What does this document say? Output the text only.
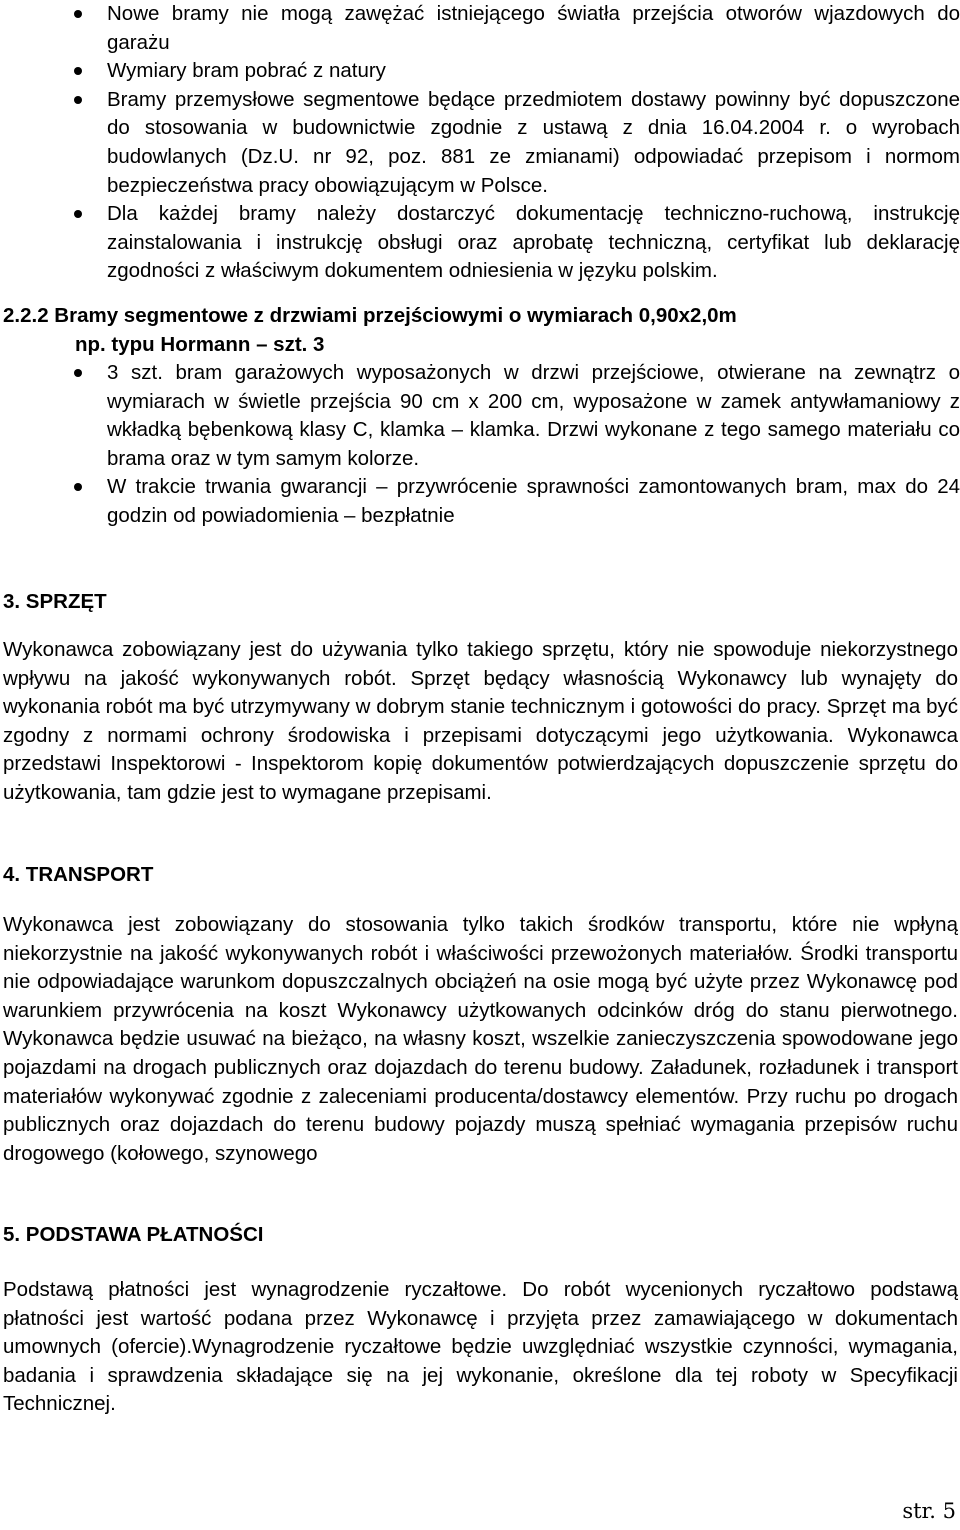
Nowe bramy nie mogą zawężać istniejącego światła przejścia otworów wjazdowych do garażu
Wymiary bram pobrać z natury
Bramy przemysłowe segmentowe będące przedmiotem dostawy powinny być dopuszczone do stosowania w budownictwie zgodnie z ustawą z dnia 16.04.2004 r. o wyrobach budowlanych (Dz.U. nr 92, poz. 881 ze zmianami) odpowiadać przepisom i normom bezpieczeństwa pracy obowiązującym w Polsce.
Dla każdej bramy należy dostarczyć dokumentację techniczno-ruchową, instrukcję zainstalowania i instrukcję obsługi oraz aprobatę techniczną, certyfikat lub deklarację zgodności z właściwym dokumentem odniesienia w języku polskim.
2.2.2 Bramy segmentowe z drzwiami przejściowymi o wymiarach 0,90x2,0m
np. typu Hormann – szt. 3
3 szt. bram garażowych wyposażonych w drzwi przejściowe, otwierane na zewnątrz o wymiarach w świetle przejścia 90 cm x 200 cm, wyposażone w zamek antywłamaniowy z wkładką bębenkową klasy C, klamka – klamka. Drzwi wykonane z tego samego materiału co brama oraz w tym samym kolorze.
W trakcie trwania gwarancji – przywrócenie sprawności zamontowanych bram, max do 24 godzin od powiadomienia – bezpłatnie
3. SPRZĘT

Wykonawca zobowiązany jest do używania tylko takiego sprzętu, który nie spowoduje niekorzystnego wpływu na jakość wykonywanych robót. Sprzęt będący własnością Wykonawcy lub wynajęty do wykonania robót ma być utrzymywany w dobrym stanie technicznym i gotowości do pracy. Sprzęt ma być zgodny z normami ochrony środowiska i przepisami dotyczącymi jego użytkowania. Wykonawca przedstawi Inspektorowi - Inspektorom kopię dokumentów potwierdzających dopuszczenie sprzętu do użytkowania, tam gdzie jest to wymagane przepisami.

4. TRANSPORT

Wykonawca jest zobowiązany do stosowania tylko takich środków transportu, które nie wpłyną niekorzystnie na jakość wykonywanych robót i właściwości przewożonych materiałów. Środki transportu nie odpowiadające warunkom dopuszczalnych obciążeń na osie mogą być użyte przez Wykonawcę pod warunkiem przywrócenia na koszt Wykonawcy użytkowanych odcinków dróg do stanu pierwotnego. Wykonawca będzie usuwać na bieżąco, na własny koszt, wszelkie zanieczyszczenia spowodowane jego pojazdami na drogach publicznych oraz dojazdach do terenu budowy. Załadunek, rozładunek i transport materiałów wykonywać zgodnie z zaleceniami producenta/dostawcy elementów. Przy ruchu po drogach publicznych oraz dojazdach do terenu budowy pojazdy muszą spełniać wymagania przepisów ruchu drogowego (kołowego, szynowego

5. PODSTAWA PŁATNOŚCI

Podstawą płatności jest wynagrodzenie ryczałtowe. Do robót wycenionych ryczałtowo podstawą płatności jest wartość podana przez Wykonawcę i przyjęta przez zamawiającego w dokumentach umownych (ofercie).Wynagrodzenie ryczałtowe będzie uwzględniać wszystkie czynności, wymagania, badania i sprawdzenia składające się na jej wykonanie, określone dla tej roboty w Specyfikacji Technicznej.

str. 5
